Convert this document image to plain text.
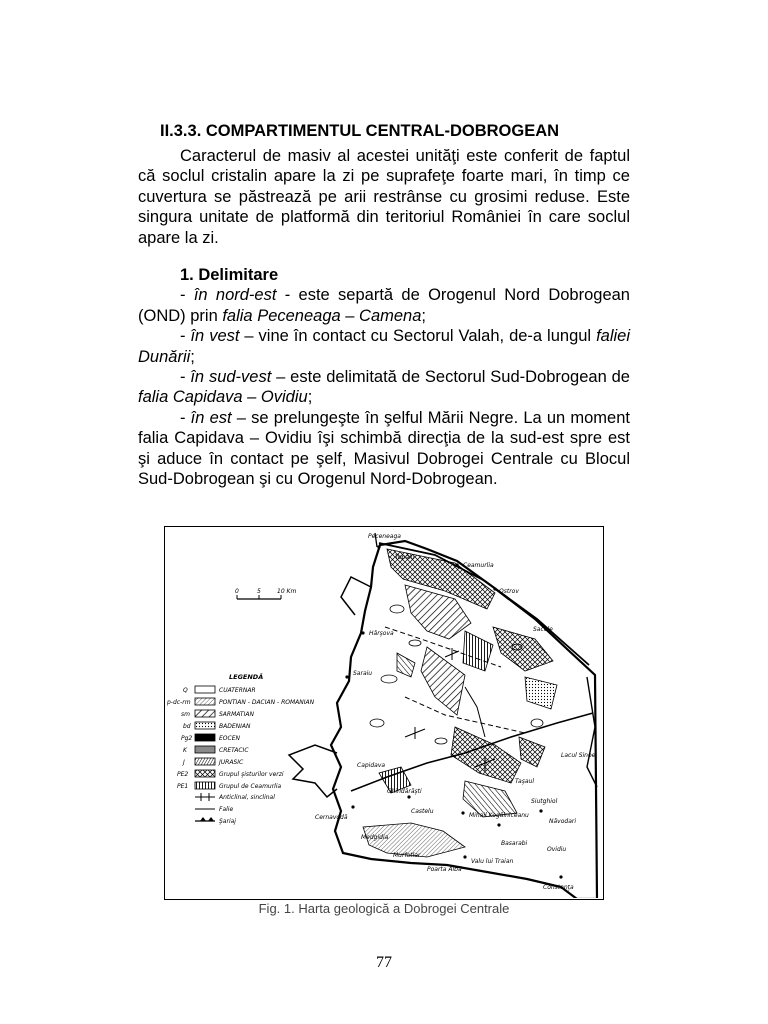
II.3.3. COMPARTIMENTUL CENTRAL-DOBROGEAN

Caracterul de masiv al acestei unităţi este conferit de faptul că soclul cristalin apare la zi pe suprafeţe foarte mari, în timp ce cuvertura se păstrează pe arii restrânse cu grosimi reduse. Este singura unitate de platformă din teritoriul României în care soclul apare la zi.

1. Delimitare

- în nord-est - este separtă de Orogenul Nord Dobrogean (OND) prin falia Peceneaga – Camena;

- în vest – vine în contact cu Sectorul Valah, de-a lungul faliei Dunării;

- în sud-vest – este delimitată de Sectorul Sud-Dobrogean de falia Capidava – Ovidiu;

- în est – se prelungeşte în şelful Mării Negre. La un moment falia Capidava – Ovidiu îşi schimbă direcţia de la sud-est spre est şi aduce în contact pe şelf, Masivul Dobrogei Centrale cu Blocul Sud-Dobrogean şi cu Orogenul Nord-Dobrogean.

Peceneaga
Topalu
Ceamurlia
Ostrov
Hârşova
Sacele
Lacul Sinoe
Saraiu
Cernavodă
Capidava
Ghindărăşti
Taşaul
Mihail Kogălniceanu
Siutghiol
Năvodari
Medgidia
Castelu
Valu lui Traian
Poarta Albă
Murfatlar
Basarabi
Ovidiu
Constanţa
0	5	10 Km
LEGENDĂ
Q	CUATERNAR
p-dc-rm	PONTIAN - DACIAN - ROMANIAN
sm	SARMATIAN
bd	BADENIAN
Pg2	EOCEN
K	CRETACIC
J	JURASIC
PE2	Grupul şisturilor verzi
PE1	Grupul de Ceamurlia
Anticlinal, sinclinal
Falie
Şariaj

Fig. 1. Harta geologică a Dobrogei Centrale

77
